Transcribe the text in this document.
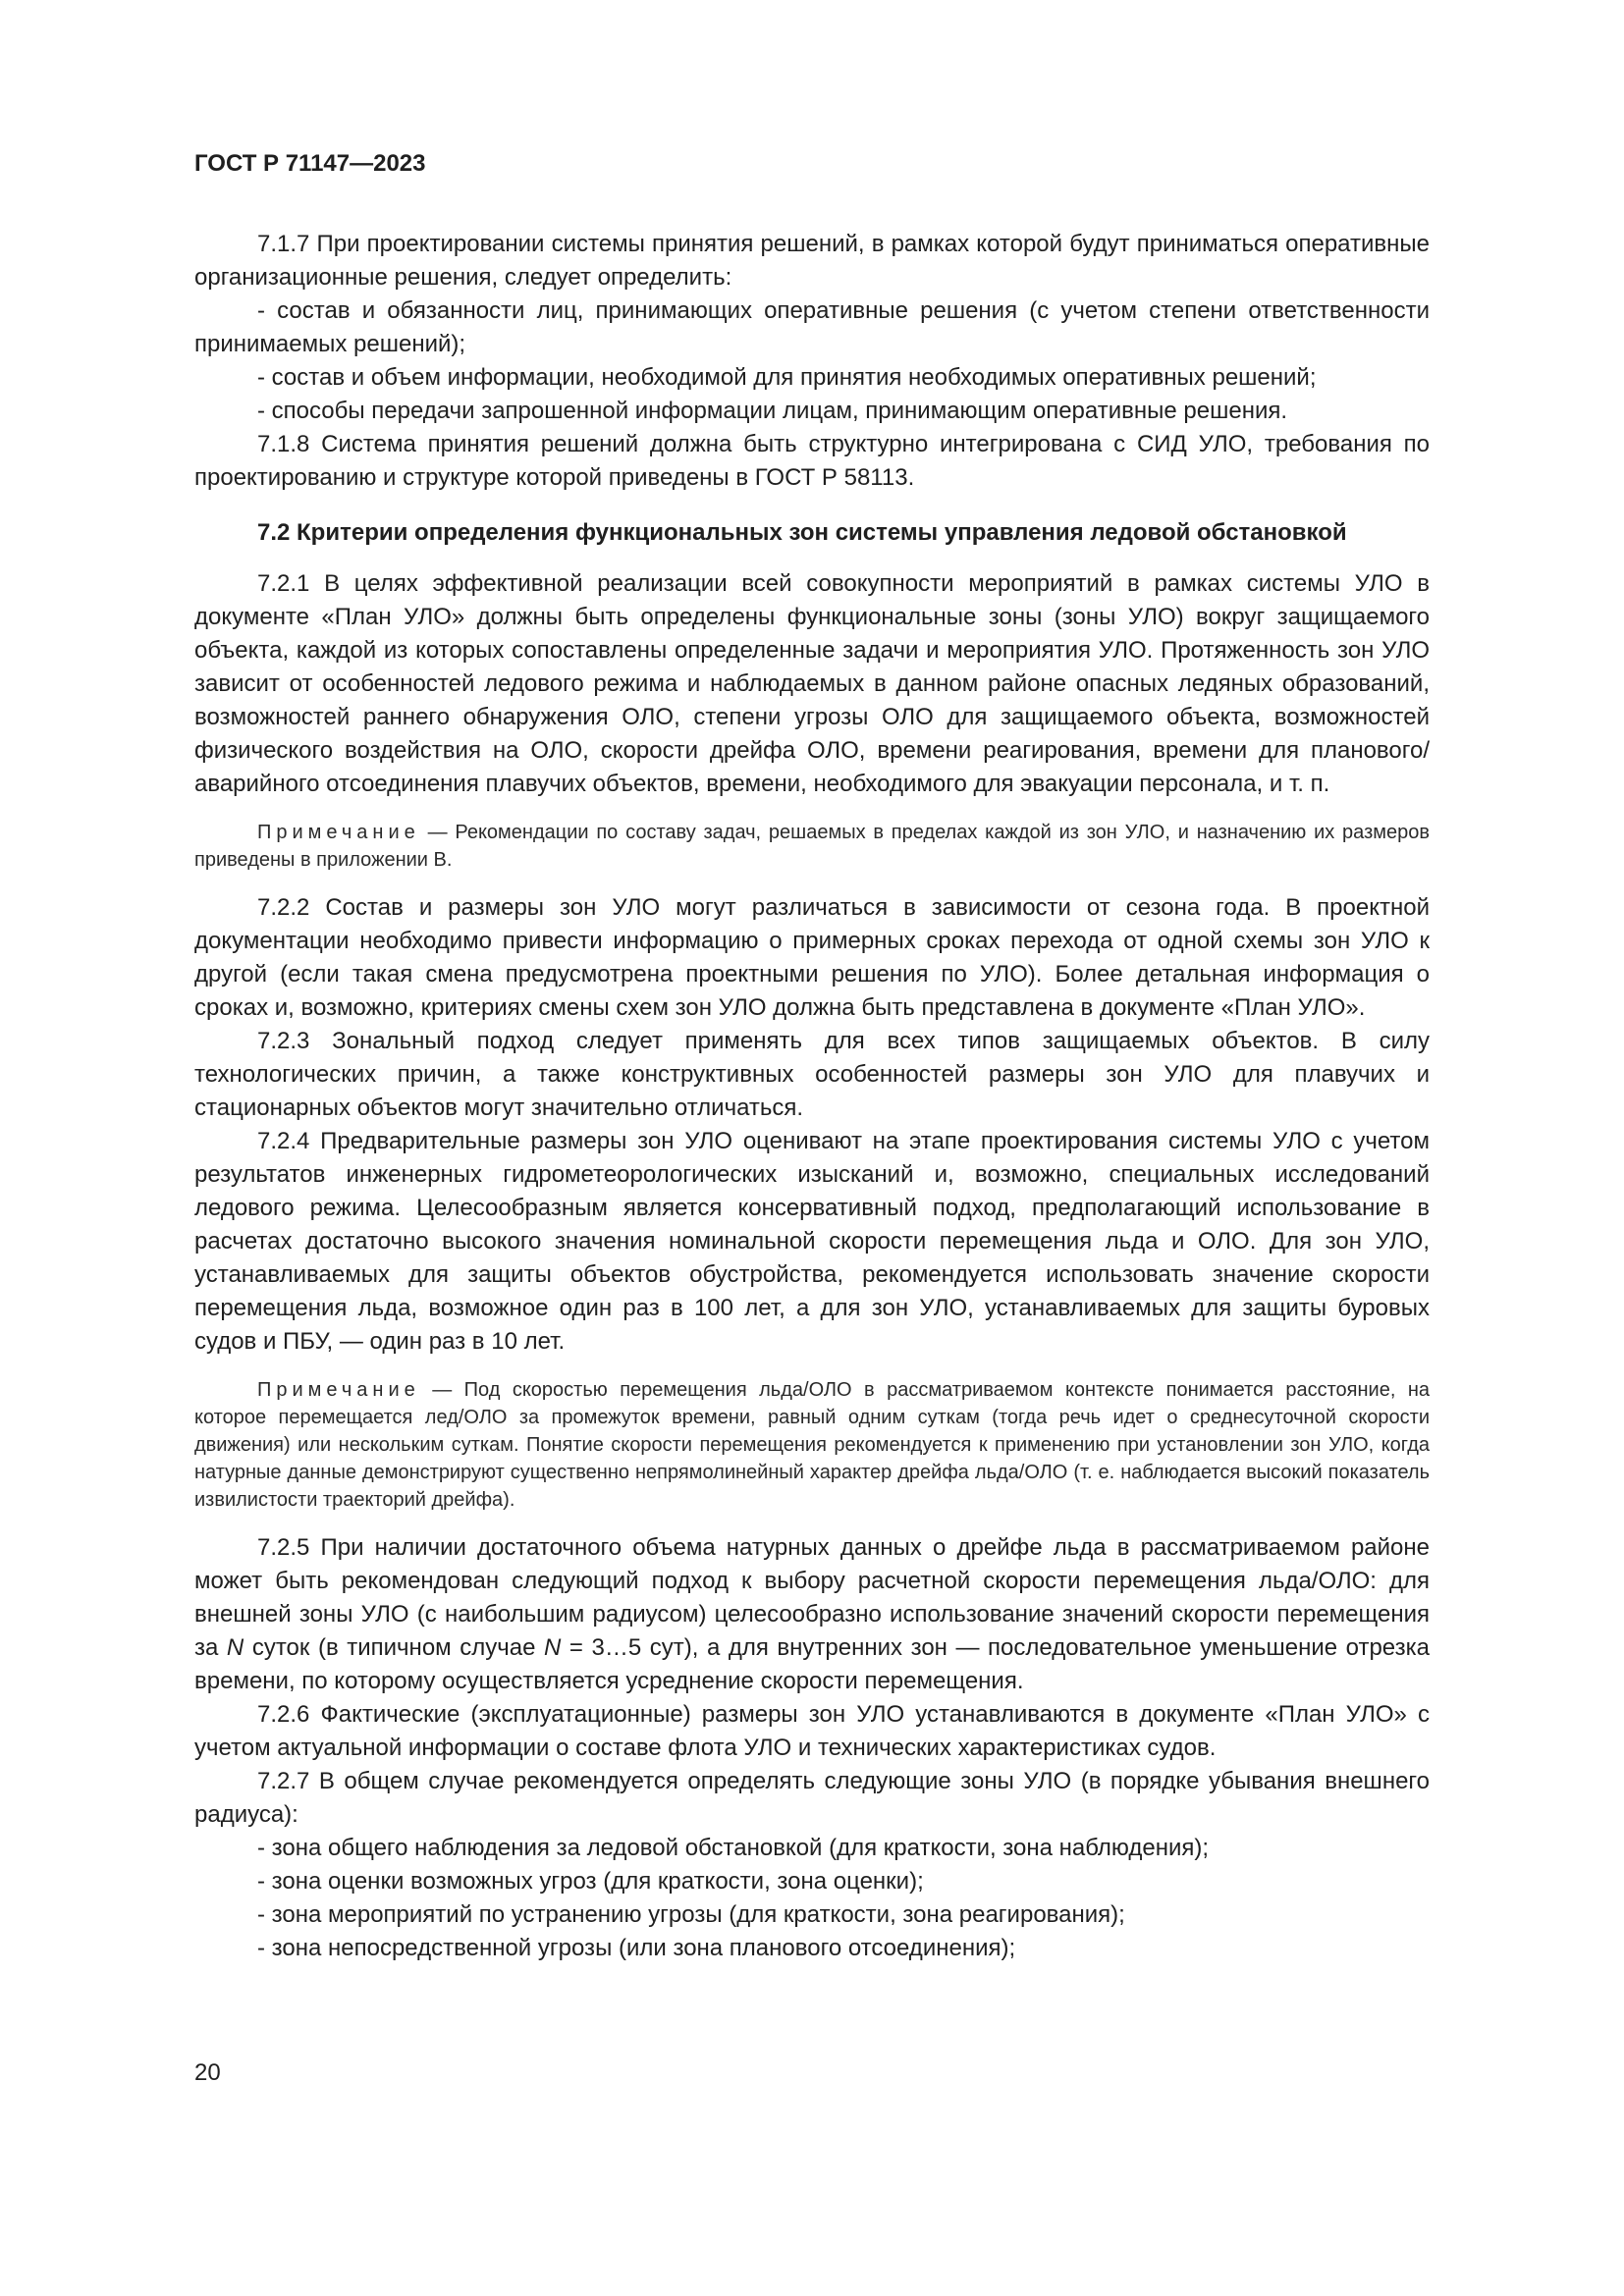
ГОСТ Р 71147—2023

7.1.7 При проектировании системы принятия решений, в рамках которой будут приниматься оперативные организационные решения, следует определить:

- состав и обязанности лиц, принимающих оперативные решения (с учетом степени ответственности принимаемых решений);

- состав и объем информации, необходимой для принятия необходимых оперативных решений;

- способы передачи запрошенной информации лицам, принимающим оперативные решения.

7.1.8 Система принятия решений должна быть структурно интегрирована с СИД УЛО, требования по проектированию и структуре которой приведены в ГОСТ Р 58113.

7.2 Критерии определения функциональных зон системы управления ледовой обстановкой

7.2.1 В целях эффективной реализации всей совокупности мероприятий в рамках системы УЛО в документе «План УЛО» должны быть определены функциональные зоны (зоны УЛО) вокруг защищаемого объекта, каждой из которых сопоставлены определенные задачи и мероприятия УЛО. Протяженность зон УЛО зависит от особенностей ледового режима и наблюдаемых в данном районе опасных ледяных образований, возможностей раннего обнаружения ОЛО, степени угрозы ОЛО для защищаемого объекта, возможностей физического воздействия на ОЛО, скорости дрейфа ОЛО, времени реагирования, времени для планового/аварийного отсоединения плавучих объектов, времени, необходимого для эвакуации персонала, и т. п.

Примечание — Рекомендации по составу задач, решаемых в пределах каждой из зон УЛО, и назначению их размеров приведены в приложении В.

7.2.2 Состав и размеры зон УЛО могут различаться в зависимости от сезона года. В проектной документации необходимо привести информацию о примерных сроках перехода от одной схемы зон УЛО к другой (если такая смена предусмотрена проектными решения по УЛО). Более детальная информация о сроках и, возможно, критериях смены схем зон УЛО должна быть представлена в документе «План УЛО».

7.2.3 Зональный подход следует применять для всех типов защищаемых объектов. В силу технологических причин, а также конструктивных особенностей размеры зон УЛО для плавучих и стационарных объектов могут значительно отличаться.

7.2.4 Предварительные размеры зон УЛО оценивают на этапе проектирования системы УЛО с учетом результатов инженерных гидрометеорологических изысканий и, возможно, специальных исследований ледового режима. Целесообразным является консервативный подход, предполагающий использование в расчетах достаточно высокого значения номинальной скорости перемещения льда и ОЛО. Для зон УЛО, устанавливаемых для защиты объектов обустройства, рекомендуется использовать значение скорости перемещения льда, возможное один раз в 100 лет, а для зон УЛО, устанавливаемых для защиты буровых судов и ПБУ, — один раз в 10 лет.

Примечание — Под скоростью перемещения льда/ОЛО в рассматриваемом контексте понимается расстояние, на которое перемещается лед/ОЛО за промежуток времени, равный одним суткам (тогда речь идет о среднесуточной скорости движения) или нескольким суткам. Понятие скорости перемещения рекомендуется к применению при установлении зон УЛО, когда натурные данные демонстрируют существенно непрямолинейный характер дрейфа льда/ОЛО (т. е. наблюдается высокий показатель извилистости траекторий дрейфа).

7.2.5 При наличии достаточного объема натурных данных о дрейфе льда в рассматриваемом районе может быть рекомендован следующий подход к выбору расчетной скорости перемещения льда/ОЛО: для внешней зоны УЛО (с наибольшим радиусом) целесообразно использование значений скорости перемещения за N суток (в типичном случае N = 3…5 сут), а для внутренних зон — последовательное уменьшение отрезка времени, по которому осуществляется усреднение скорости перемещения.

7.2.6 Фактические (эксплуатационные) размеры зон УЛО устанавливаются в документе «План УЛО» с учетом актуальной информации о составе флота УЛО и технических характеристиках судов.

7.2.7 В общем случае рекомендуется определять следующие зоны УЛО (в порядке убывания внешнего радиуса):

- зона общего наблюдения за ледовой обстановкой (для краткости, зона наблюдения);

- зона оценки возможных угроз (для краткости, зона оценки);

- зона мероприятий по устранению угрозы (для краткости, зона реагирования);

- зона непосредственной угрозы (или зона планового отсоединения);

20
